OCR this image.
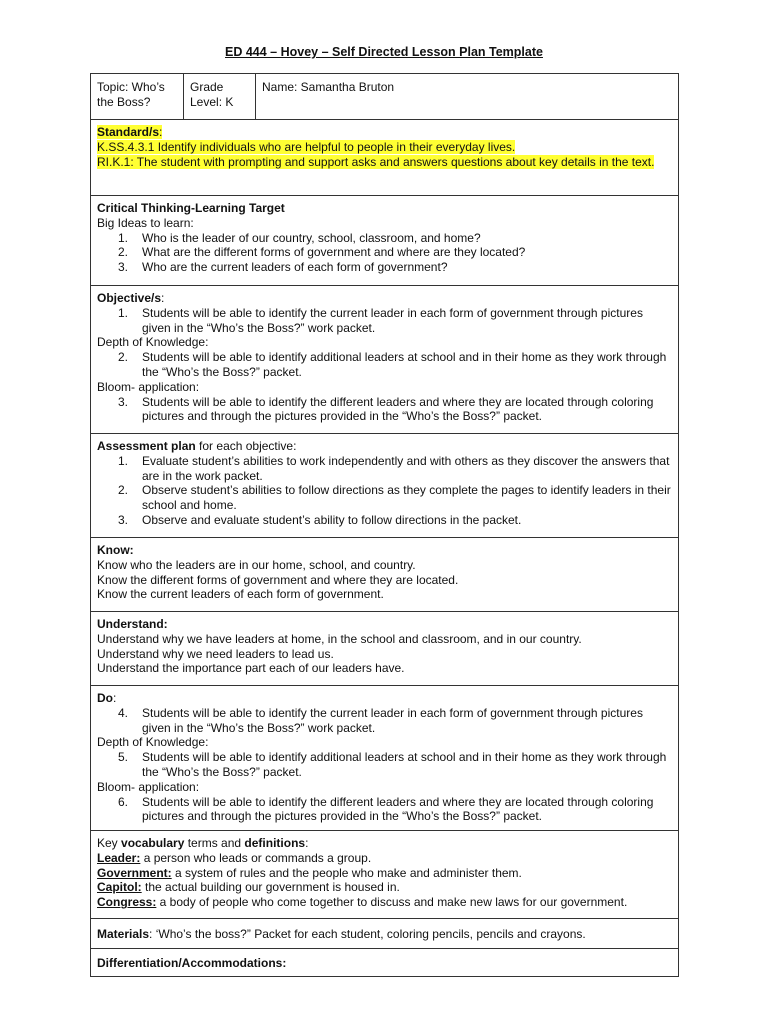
ED 444 – Hovey – Self Directed Lesson Plan Template
Topic: Who’s the Boss?
Grade Level: K
Name: Samantha Bruton
Standard/s:
K.SS.4.3.1 Identify individuals who are helpful to people in their everyday lives.
RI.K.1: The student with prompting and support asks and answers questions about key details in the text.
Critical Thinking-Learning Target
Big Ideas to learn:
1.	Who is the leader of our country, school, classroom, and home?
2.	What are the different forms of government and where are they located?
3.	Who are the current leaders of each form of government?
Objective/s:
1.	Students will be able to identify the current leader in each form of government through pictures given in the “Who’s the Boss?” work packet.
Depth of Knowledge:
2.	Students will be able to identify additional leaders at school and in their home as they work through the “Who’s the Boss?” packet.
Bloom- application:
3.	Students will be able to identify the different leaders and where they are located through coloring pictures and through the pictures provided in the “Who’s the Boss?” packet.
Assessment plan for each objective:
1.	Evaluate student’s abilities to work independently and with others as they discover the answers that are in the work packet.
2.	Observe student’s abilities to follow directions as they complete the pages to identify leaders in their school and home.
3.	Observe and evaluate student’s ability to follow directions in the packet.
Know:
Know who the leaders are in our home, school, and country.
Know the different forms of government and where they are located.
Know the current leaders of each form of government.
Understand:
Understand why we have leaders at home, in the school and classroom, and in our country.
Understand why we need leaders to lead us.
Understand the importance part each of our leaders have.
Do:
4.	Students will be able to identify the current leader in each form of government through pictures given in the “Who’s the Boss?” work packet.
Depth of Knowledge:
5.	Students will be able to identify additional leaders at school and in their home as they work through the “Who’s the Boss?” packet.
Bloom- application:
6.	Students will be able to identify the different leaders and where they are located through coloring pictures and through the pictures provided in the “Who’s the Boss?” packet.
Key vocabulary terms and definitions:
Leader: a person who leads or commands a group.
Government: a system of rules and the people who make and administer them.
Capitol: the actual building our government is housed in.
Congress: a body of people who come together to discuss and make new laws for our government.
Materials: ‘Who’s the boss?” Packet for each student, coloring pencils, pencils and crayons.
Differentiation/Accommodations:
